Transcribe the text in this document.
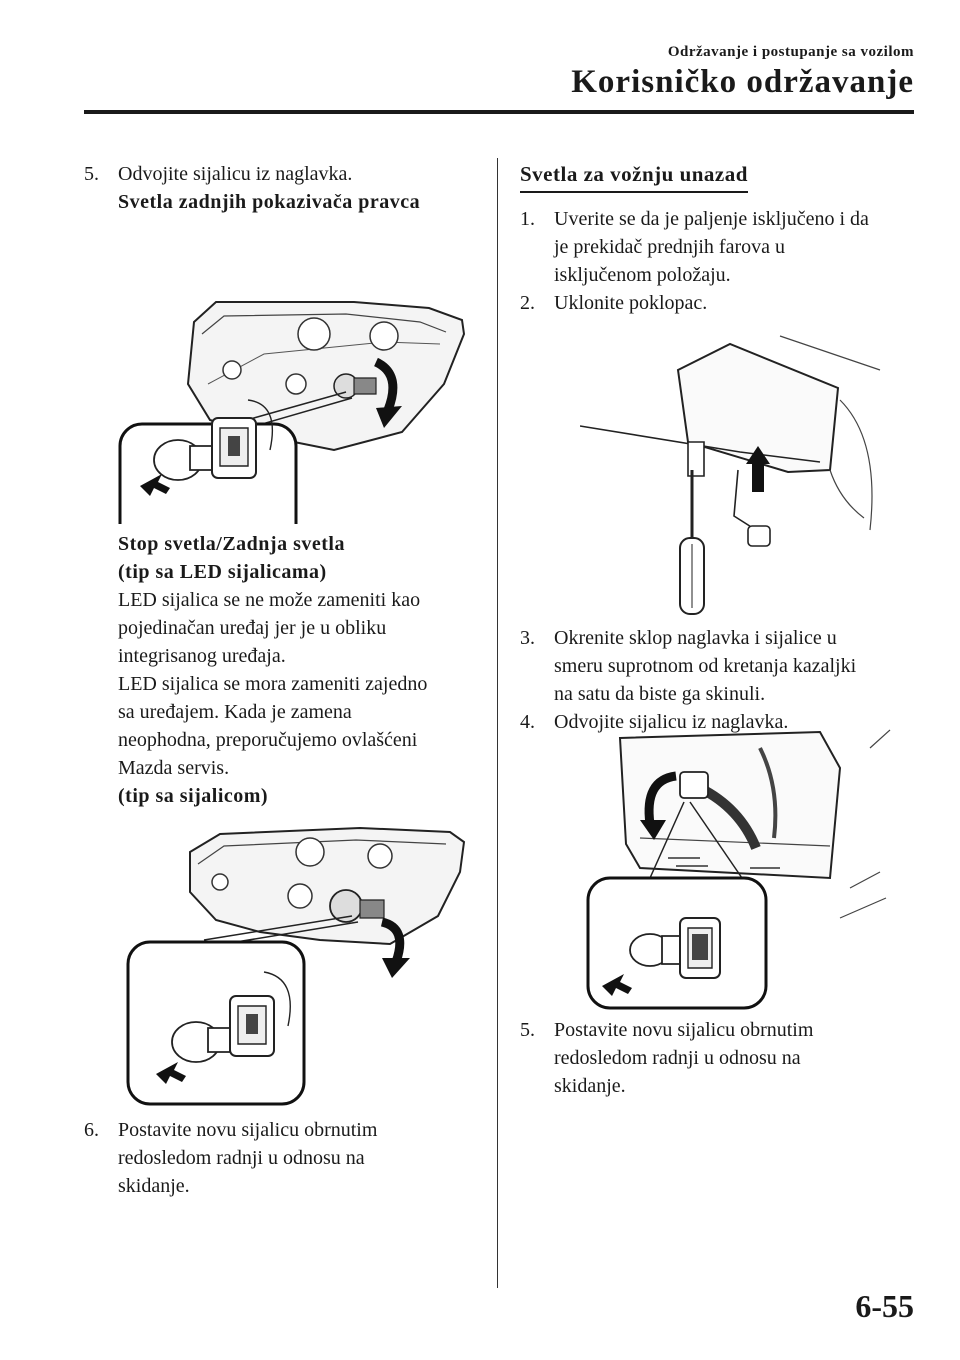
Održavanje i postupanje sa vozilom
Korisničko održavanje
5. Odvojite sijalicu iz naglavka.
Svetla zadnjih pokazivača pravca
Stop svetla/Zadnja svetla
(tip sa LED sijalicama)
LED sijalica se ne može zameniti kao
pojedinačan uređaj jer je u obliku
integrisanog uređaja.
LED sijalica se mora zameniti zajedno
sa uređajem. Kada je zamena
neophodna, preporučujemo ovlašćeni
Mazda servis.
(tip sa sijalicom)
6. Postavite novu sijalicu obrnutim
redosledom radnji u odnosu na
skidanje.
Svetla za vožnju unazad
1. Uverite se da je paljenje isključeno i da
je prekidač prednjih farova u
isključenom položaju.
2. Uklonite poklopac.
3. Okrenite sklop naglavka i sijalice u
smeru suprotnom od kretanja kazaljki
na satu da biste ga skinuli.
4. Odvojite sijalicu iz naglavka.
5. Postavite novu sijalicu obrnutim
redosledom radnji u odnosu na
skidanje.
6-55
